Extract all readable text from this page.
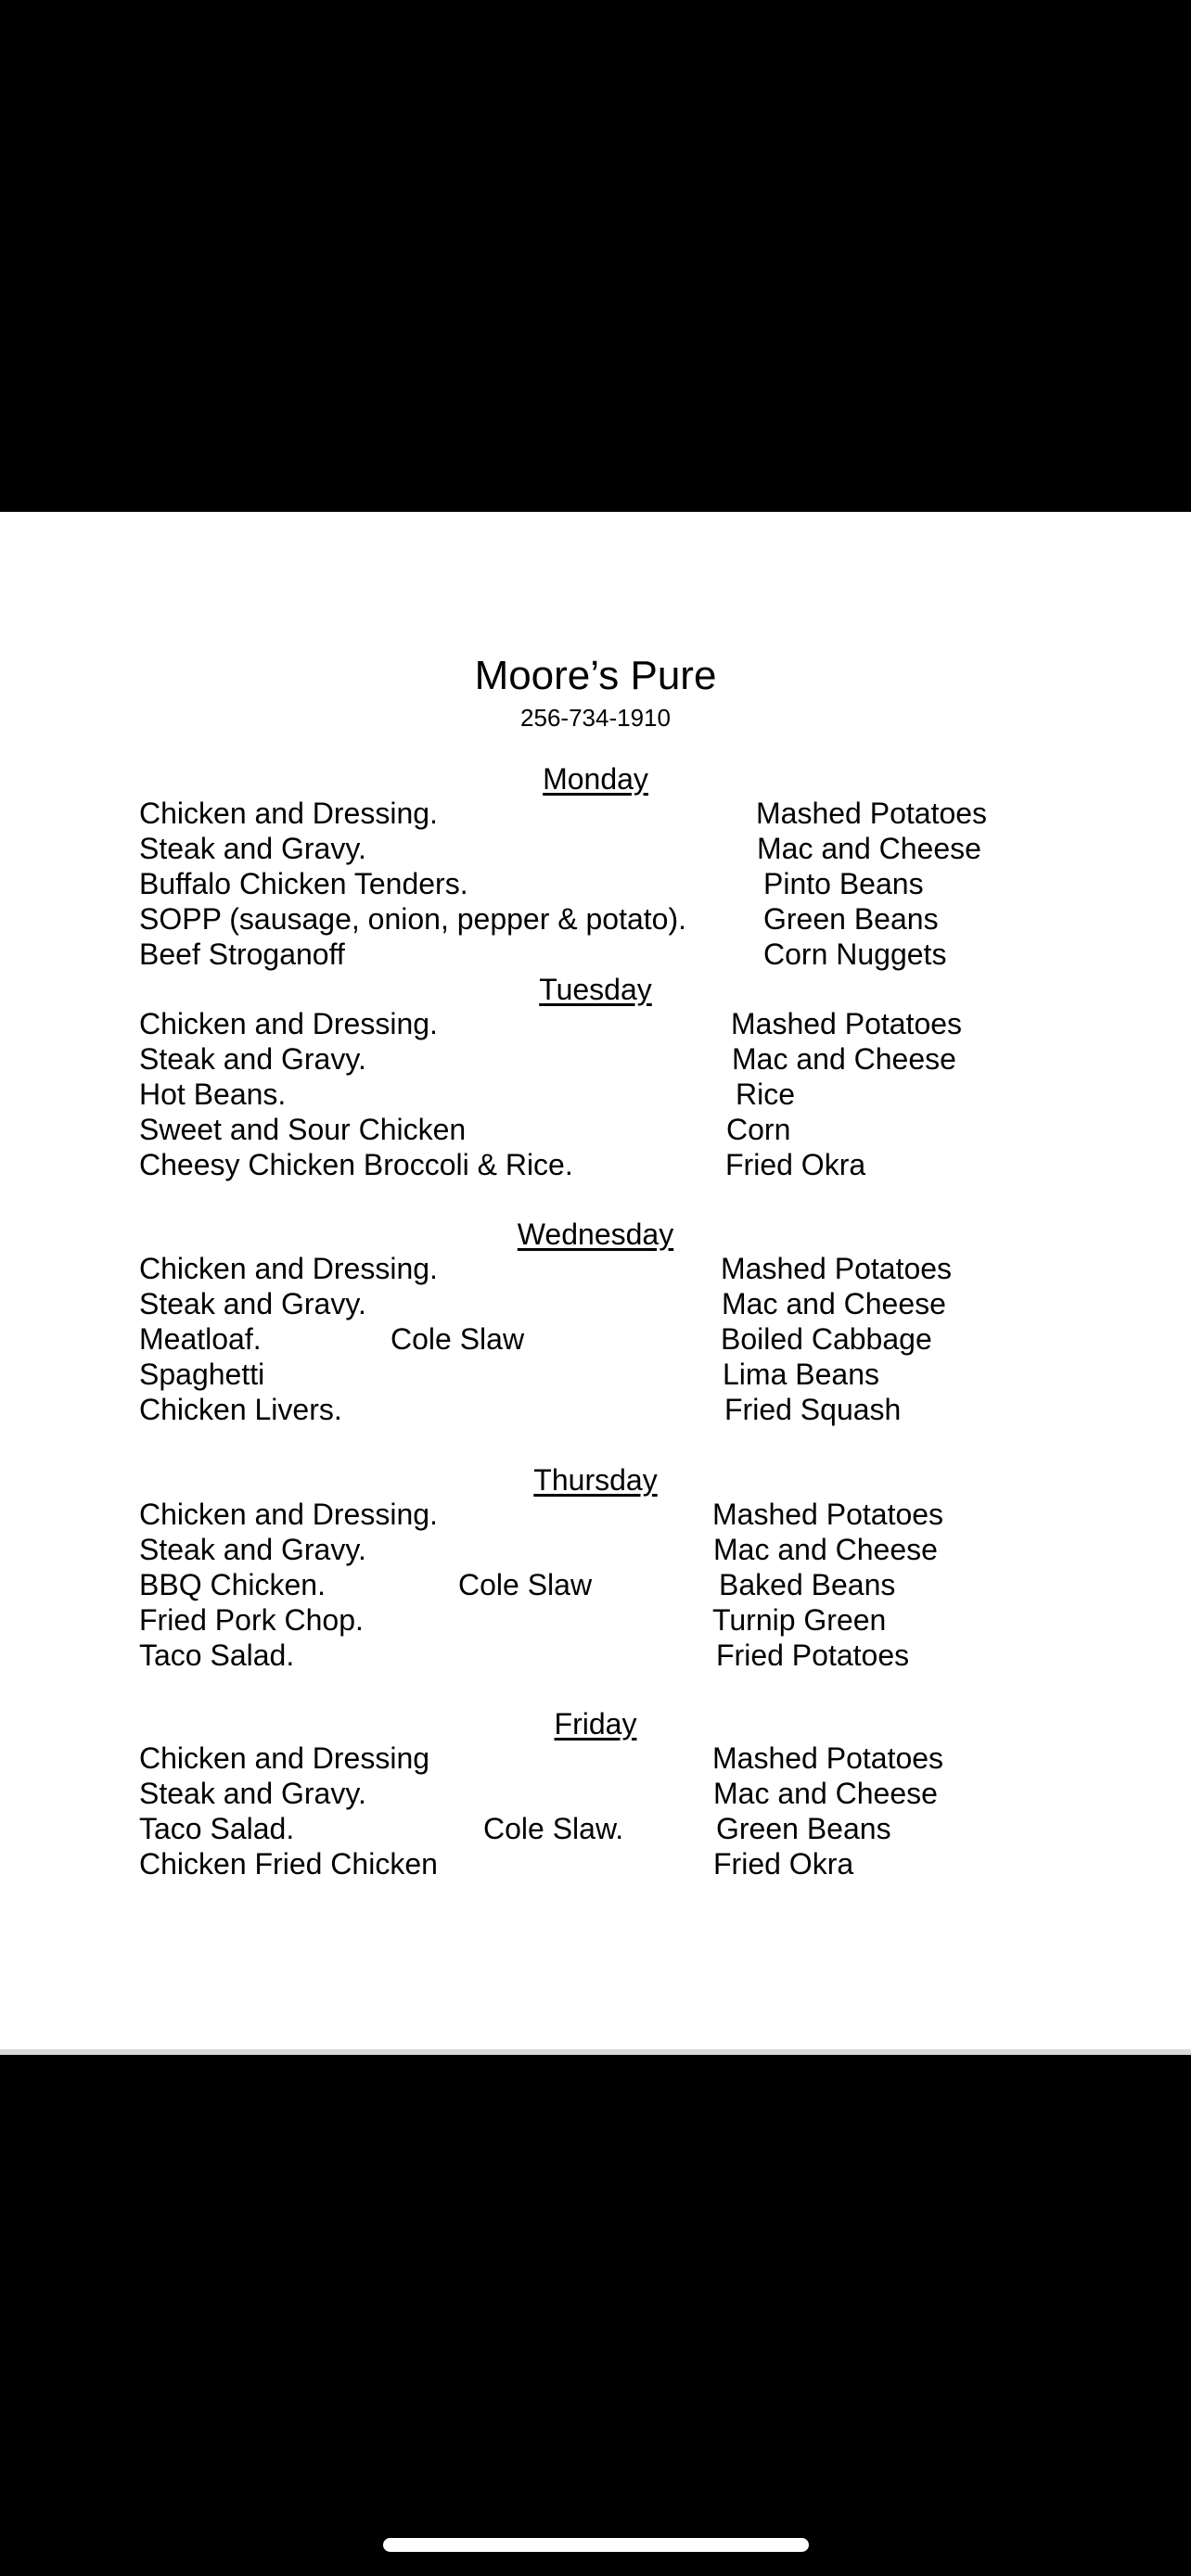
Moore’s Pure
256-734-1910
Monday
Chicken and Dressing.
Steak and Gravy.
Buffalo Chicken Tenders.
SOPP (sausage, onion, pepper & potato).
Beef Stroganoff
Mashed Potatoes
Mac and Cheese
Pinto Beans
Green Beans
Corn Nuggets
Tuesday
Chicken and Dressing.
Steak and Gravy.
Hot Beans.
Sweet and Sour Chicken
Cheesy Chicken Broccoli & Rice.
Mashed Potatoes
Mac and Cheese
Rice
Corn
Fried Okra
Wednesday
Chicken and Dressing.
Steak and Gravy.
Meatloaf.
Spaghetti
Chicken Livers.
Cole Slaw
Mashed Potatoes
Mac and Cheese
Boiled Cabbage
Lima Beans
Fried Squash
Thursday
Chicken and Dressing.
Steak and Gravy.
BBQ Chicken.
Fried Pork Chop.
Taco Salad.
Cole Slaw
Mashed Potatoes
Mac and Cheese
Baked Beans
Turnip Green
Fried Potatoes
Friday
Chicken and Dressing
Steak and Gravy.
Taco Salad.
Chicken Fried Chicken
Cole Slaw.
Mashed Potatoes
Mac and Cheese
Green Beans
Fried Okra
